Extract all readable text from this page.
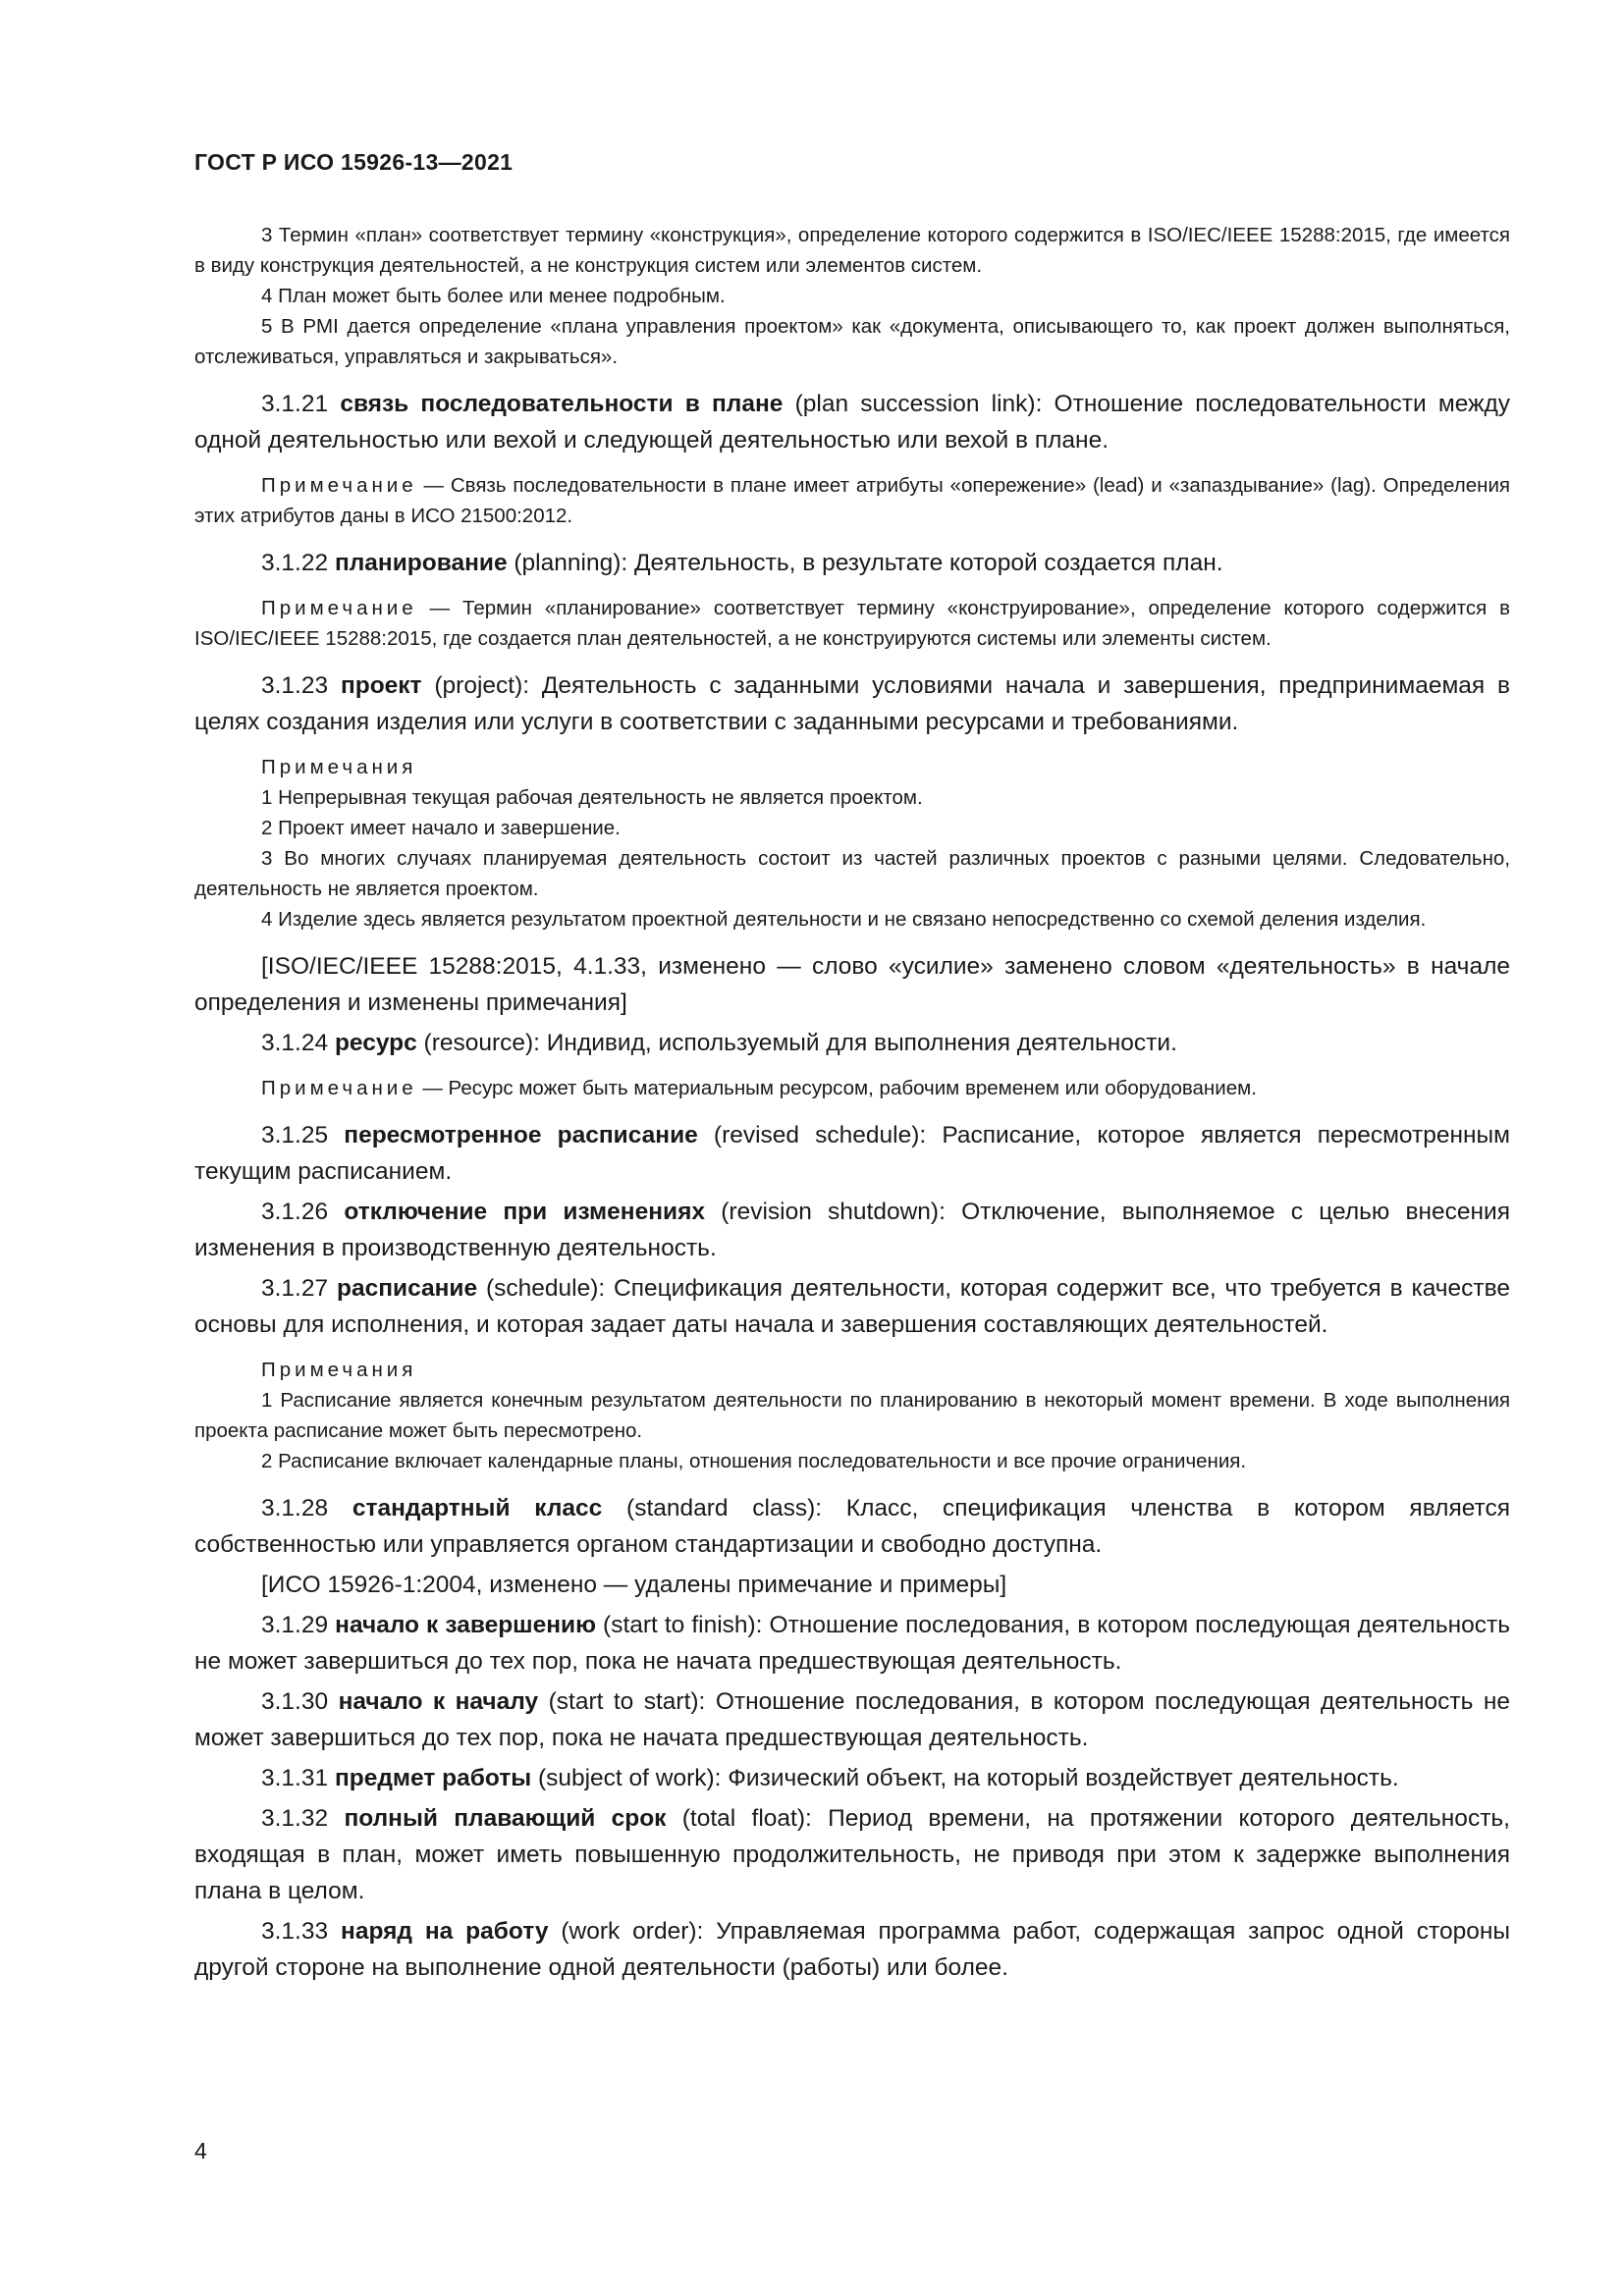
ГОСТ Р ИСО 15926-13—2021

3 Термин «план» соответствует термину «конструкция», определение которого содержится в ISO/IEC/IEEE 15288:2015, где имеется в виду конструкция деятельностей, а не конструкция систем или элементов систем.

4 План может быть более или менее подробным.

5 В PMI дается определение «плана управления проектом» как «документа, описывающего то, как проект должен выполняться, отслеживаться, управляться и закрываться».

3.1.21 связь последовательности в плане (plan succession link): Отношение последовательности между одной деятельностью или вехой и следующей деятельностью или вехой в плане.

Примечание — Связь последовательности в плане имеет атрибуты «опережение» (lead) и «запаздывание» (lag). Определения этих атрибутов даны в ИСО 21500:2012.

3.1.22 планирование (planning): Деятельность, в результате которой создается план.

Примечание — Термин «планирование» соответствует термину «конструирование», определение которого содержится в ISO/IEC/IEEE 15288:2015, где создается план деятельностей, а не конструируются системы или элементы систем.

3.1.23 проект (project): Деятельность с заданными условиями начала и завершения, предпринимаемая в целях создания изделия или услуги в соответствии с заданными ресурсами и требованиями.

Примечания

1 Непрерывная текущая рабочая деятельность не является проектом.

2 Проект имеет начало и завершение.

3 Во многих случаях планируемая деятельность состоит из частей различных проектов с разными целями. Следовательно, деятельность не является проектом.

4 Изделие здесь является результатом проектной деятельности и не связано непосредственно со схемой деления изделия.

[ISO/IEC/IEEE 15288:2015, 4.1.33, изменено — слово «усилие» заменено словом «деятельность» в начале определения и изменены примечания]

3.1.24 ресурс (resource): Индивид, используемый для выполнения деятельности.

Примечание — Ресурс может быть материальным ресурсом, рабочим временем или оборудованием.

3.1.25 пересмотренное расписание (revised schedule): Расписание, которое является пересмотренным текущим расписанием.

3.1.26 отключение при изменениях (revision shutdown): Отключение, выполняемое с целью внесения изменения в производственную деятельность.

3.1.27 расписание (schedule): Спецификация деятельности, которая содержит все, что требуется в качестве основы для исполнения, и которая задает даты начала и завершения составляющих деятельностей.

Примечания

1 Расписание является конечным результатом деятельности по планированию в некоторый момент времени. В ходе выполнения проекта расписание может быть пересмотрено.

2 Расписание включает календарные планы, отношения последовательности и все прочие ограничения.

3.1.28 стандартный класс (standard class): Класс, спецификация членства в котором является собственностью или управляется органом стандартизации и свободно доступна.

[ИСО 15926-1:2004, изменено — удалены примечание и примеры]

3.1.29 начало к завершению (start to finish): Отношение последования, в котором последующая деятельность не может завершиться до тех пор, пока не начата предшествующая деятельность.

3.1.30 начало к началу (start to start): Отношение последования, в котором последующая деятельность не может завершиться до тех пор, пока не начата предшествующая деятельность.

3.1.31 предмет работы (subject of work): Физический объект, на который воздействует деятельность.

3.1.32 полный плавающий срок (total float): Период времени, на протяжении которого деятельность, входящая в план, может иметь повышенную продолжительность, не приводя при этом к задержке выполнения плана в целом.

3.1.33 наряд на работу (work order): Управляемая программа работ, содержащая запрос одной стороны другой стороне на выполнение одной деятельности (работы) или более.

4
